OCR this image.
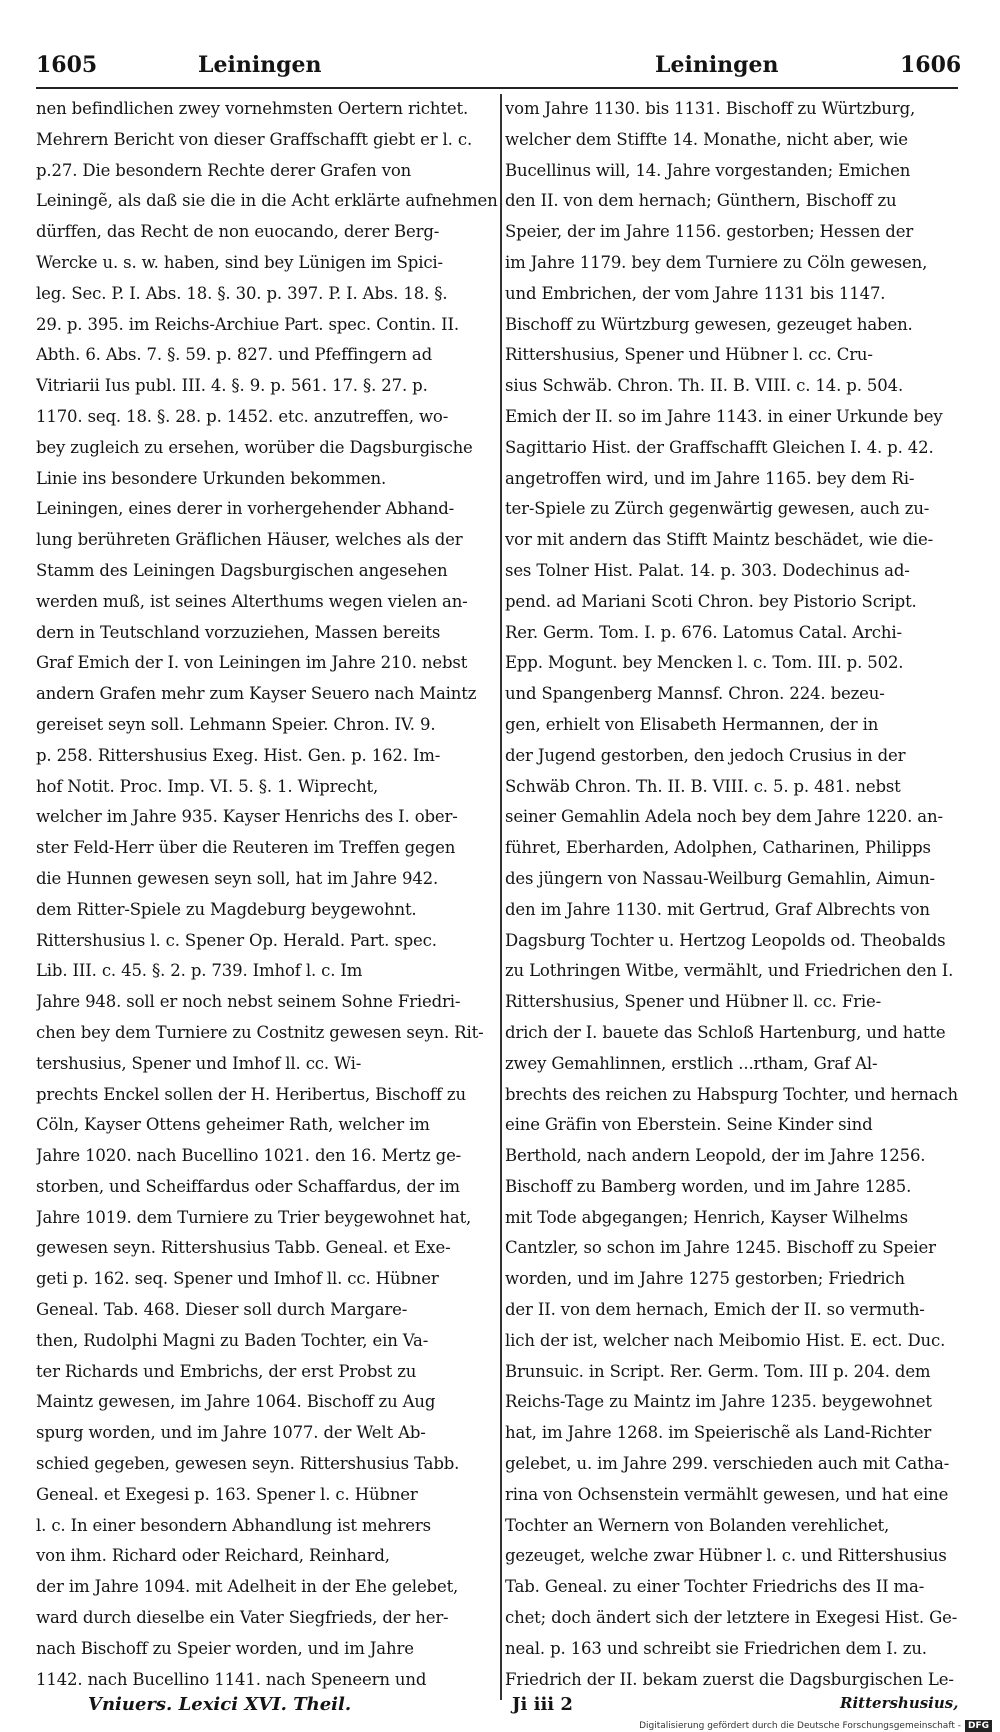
1605	Leiningen	Leiningen	1606
nen befindlichen zwey vornehmsten Oertern richtet.
Mehrern Bericht von dieser Graffschafft giebt er l. c.
p.27. Die besondern Rechte derer Grafen von
Leiningẽ, als daß sie die in die Acht erklärte aufnehmen
dürffen, das Recht de non euocando, derer Berg-
Wercke u. s. w. haben, sind bey Lünigen im Spici-
leg. Sec. P. I. Abs. 18. §. 30. p. 397. P. I. Abs. 18. §.
29. p. 395. im Reichs-Archiue Part. spec. Contin. II.
Abth. 6. Abs. 7. §. 59. p. 827. und Pfeffingern ad
Vitriarii Ius publ. III. 4. §. 9. p. 561. 17. §. 27. p.
1170. seq. 18. §. 28. p. 1452. etc. anzutreffen, wo-
bey zugleich zu ersehen, worüber die Dagsburgische
Linie ins besondere Urkunden bekommen.
Leiningen, eines derer in vorhergehender Abhand-
lung berühreten Gräflichen Häuser, welches als der
Stamm des Leiningen Dagsburgischen angesehen
werden muß, ist seines Alterthums wegen vielen an-
dern in Teutschland vorzuziehen, Massen bereits
Graf Emich der I. von Leiningen im Jahre 210. nebst
andern Grafen mehr zum Kayser Seuero nach Maintz
gereiset seyn soll. Lehmann Speier. Chron. IV. 9.
p. 258. Rittershusius Exeg. Hist. Gen. p. 162. Im-
hof Notit. Proc. Imp. VI. 5. §. 1. Wiprecht,
welcher im Jahre 935. Kayser Henrichs des I. ober-
ster Feld-Herr über die Reuteren im Treffen gegen
die Hunnen gewesen seyn soll, hat im Jahre 942.
dem Ritter-Spiele zu Magdeburg beygewohnt.
Rittershusius l. c. Spener Op. Herald. Part. spec.
Lib. III. c. 45. §. 2. p. 739. Imhof l. c. Im
Jahre 948. soll er noch nebst seinem Sohne Friedri-
chen bey dem Turniere zu Costnitz gewesen seyn. Rit-
tershusius, Spener und Imhof ll. cc. Wi-
prechts Enckel sollen der H. Heribertus, Bischoff zu
Cöln, Kayser Ottens geheimer Rath, welcher im
Jahre 1020. nach Bucellino 1021. den 16. Mertz ge-
storben, und Scheiffardus oder Schaffardus, der im
Jahre 1019. dem Turniere zu Trier beygewohnet hat,
gewesen seyn. Rittershusius Tabb. Geneal. et Exe-
geti p. 162. seq. Spener und Imhof ll. cc. Hübner
Geneal. Tab. 468. Dieser soll durch Margare-
then, Rudolphi Magni zu Baden Tochter, ein Va-
ter Richards und Embrichs, der erst Probst zu
Maintz gewesen, im Jahre 1064. Bischoff zu Aug
spurg worden, und im Jahre 1077. der Welt Ab-
schied gegeben, gewesen seyn. Rittershusius Tabb.
Geneal. et Exegesi p. 163. Spener l. c. Hübner
l. c. In einer besondern Abhandlung ist mehrers
von ihm. Richard oder Reichard, Reinhard,
der im Jahre 1094. mit Adelheit in der Ehe gelebet,
ward durch dieselbe ein Vater Siegfrieds, der her-
nach Bischoff zu Speier worden, und im Jahre
1142. nach Bucellino 1141. nach Speneern und
vom Jahre 1130. bis 1131. Bischoff zu Würtzburg,
welcher dem Stiffte 14. Monathe, nicht aber, wie
Bucellinus will, 14. Jahre vorgestanden; Emichen
den II. von dem hernach; Günthern, Bischoff zu
Speier, der im Jahre 1156. gestorben; Hessen der
im Jahre 1179. bey dem Turniere zu Cöln gewesen,
und Embrichen, der vom Jahre 1131 bis 1147.
Bischoff zu Würtzburg gewesen, gezeuget haben.
Rittershusius, Spener und Hübner l. cc. Cru-
sius Schwäb. Chron. Th. II. B. VIII. c. 14. p. 504.
Emich der II. so im Jahre 1143. in einer Urkunde bey
Sagittario Hist. der Graffschafft Gleichen I. 4. p. 42.
angetroffen wird, und im Jahre 1165. bey dem Ri-
ter-Spiele zu Zürch gegenwärtig gewesen, auch zu-
vor mit andern das Stifft Maintz beschädet, wie die-
ses Tolner Hist. Palat. 14. p. 303. Dodechinus ad-
pend. ad Mariani Scoti Chron. bey Pistorio Script.
Rer. Germ. Tom. I. p. 676. Latomus Catal. Archi-
Epp. Mogunt. bey Mencken l. c. Tom. III. p. 502.
und Spangenberg Mannsf. Chron. 224. bezeu-
gen, erhielt von Elisabeth Hermannen, der in
der Jugend gestorben, den jedoch Crusius in der
Schwäb Chron. Th. II. B. VIII. c. 5. p. 481. nebst
seiner Gemahlin Adela noch bey dem Jahre 1220. an-
führet, Eberharden, Adolphen, Catharinen, Philipps
des jüngern von Nassau-Weilburg Gemahlin, Aimun-
den im Jahre 1130. mit Gertrud, Graf Albrechts von
Dagsburg Tochter u. Hertzog Leopolds od. Theobalds
zu Lothringen Witbe, vermählt, und Friedrichen den I.
Rittershusius, Spener und Hübner ll. cc. Frie-
drich der I. bauete das Schloß Hartenburg, und hatte
zwey Gemahlinnen, erstlich ...rtham, Graf Al-
brechts des reichen zu Habspurg Tochter, und hernach
eine Gräfin von Eberstein. Seine Kinder sind
Berthold, nach andern Leopold, der im Jahre 1256.
Bischoff zu Bamberg worden, und im Jahre 1285.
mit Tode abgegangen; Henrich, Kayser Wilhelms
Cantzler, so schon im Jahre 1245. Bischoff zu Speier
worden, und im Jahre 1275 gestorben; Friedrich
der II. von dem hernach, Emich der II. so vermuth-
lich der ist, welcher nach Meibomio Hist. E. ect. Duc.
Brunsuic. in Script. Rer. Germ. Tom. III p. 204. dem
Reichs-Tage zu Maintz im Jahre 1235. beygewohnet
hat, im Jahre 1268. im Speierischẽ als Land-Richter
gelebet, u. im Jahre 299. verschieden auch mit Catha-
rina von Ochsenstein vermählt gewesen, und hat eine
Tochter an Wernern von Bolanden verehlichet,
gezeuget, welche zwar Hübner l. c. und Rittershusius
Tab. Geneal. zu einer Tochter Friedrichs des II ma-
chet; doch ändert sich der letztere in Exegesi Hist. Ge-
neal. p. 163 und schreibt sie Friedrichen dem I. zu.
Friedrich der II. bekam zuerst die Dagsburgischen Le-
Vniuers. Lexici XVI. Theil.	Ji iii 2	Rittershusius,
Digitalisierung gefördert durch die Deutsche Forschungsgemeinschaft - DFG
